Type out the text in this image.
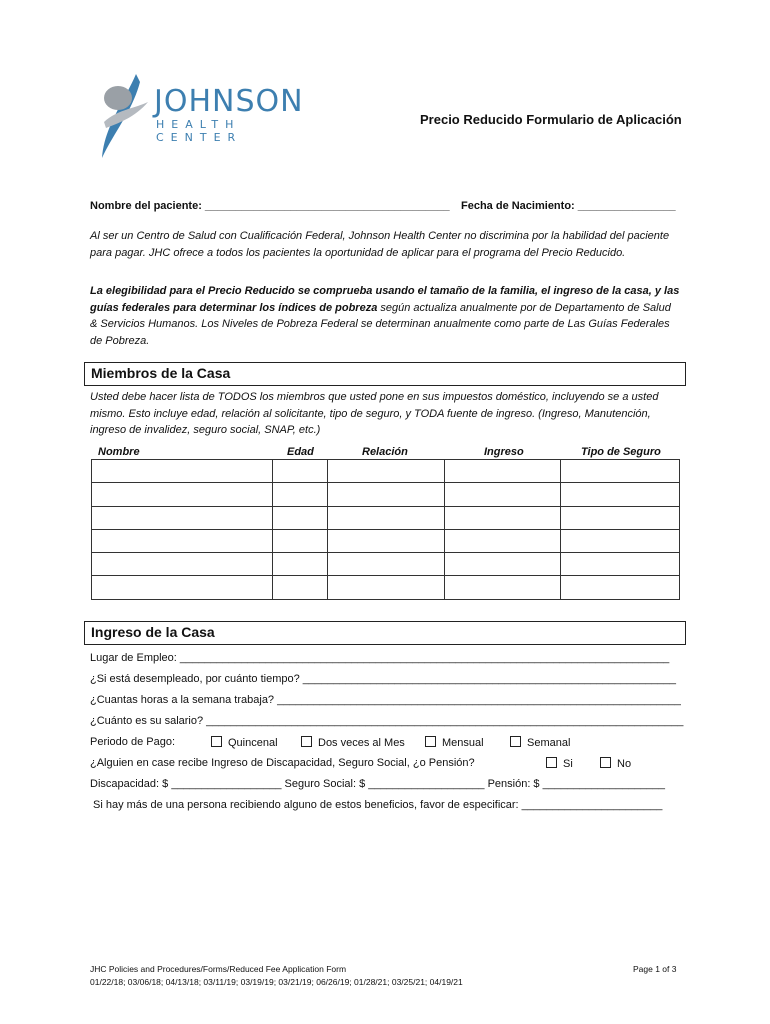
JOHNSON
HEALTH CENTER
Precio Reducido Formulario de Aplicación
Nombre del paciente: ________________________________________ Fecha de Nacimiento: ________________
Al ser un Centro de Salud con Cualificación Federal, Johnson Health Center no discrimina por la habilidad del paciente para pagar. JHC ofrece a todos los pacientes la oportunidad de aplicar para el programa del Precio Reducido.
La elegibilidad para el Precio Reducido se comprueba usando el tamaño de la familia, el ingreso de la casa, y las guías federales para determinar los índices de pobreza según actualiza anualmente por de Departamento de Salud & Servicios Humanos. Los Niveles de Pobreza Federal se determinan anualmente como parte de Las Guías Federales de Pobreza.
Miembros de la Casa
Usted debe hacer lista de TODOS los miembros que usted pone en sus impuestos doméstico, incluyendo se a usted mismo. Esto incluye edad, relación al solicitante, tipo de seguro, y TODA fuente de ingreso. (Ingreso, Manutención, ingreso de invalidez, seguro social, SNAP, etc.)
Nombre	Edad	Relación	Ingreso	Tipo de Seguro

Ingreso de la Casa
Lugar de Empleo: ________________________________________________________________________________
¿Si está desempleado, por cuánto tiempo? _____________________________________________________________
¿Cuantas horas a la semana trabaja? __________________________________________________________________
¿Cuánto es su salario? ______________________________________________________________________________
Periodo de Pago:	Quincenal	Dos veces al Mes	Mensual	Semanal
¿Alguien en case recibe Ingreso de Discapacidad, Seguro Social, ¿o Pensión?	Si	No
Discapacidad: $ __________________ Seguro Social: $ ___________________ Pensión: $ ____________________
Si hay más de una persona recibiendo alguno de estos beneficios, favor de especificar: _______________________
JHC Policies and Procedures/Forms/Reduced Fee Application Form
01/22/18; 03/06/18; 04/13/18; 03/11/19; 03/19/19; 03/21/19; 06/26/19; 01/28/21; 03/25/21; 04/19/21
Page 1 of 3
